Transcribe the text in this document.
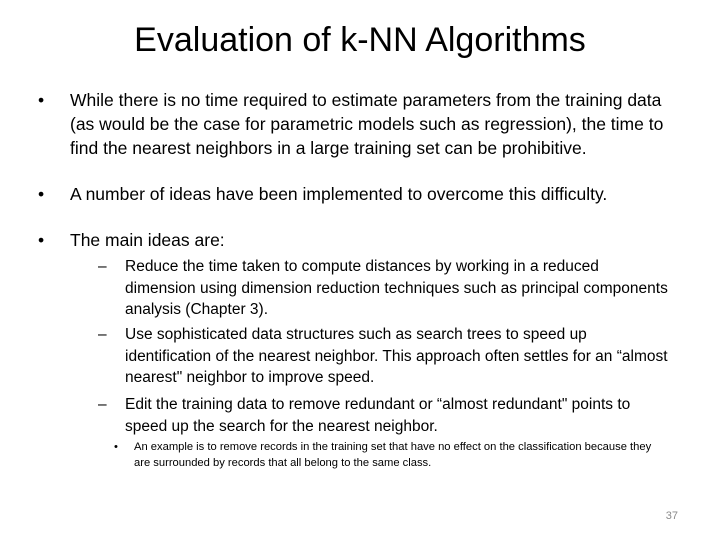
Evaluation of k-NN Algorithms
•	While there is no time required to estimate parameters from the training data (as would be the case for parametric models such as regression), the time to find the nearest neighbors in a large training set can be prohibitive.
•	A number of ideas have been implemented to overcome this difficulty.
•	The main ideas are:
–	Reduce the time taken to compute distances by working in a reduced dimension using dimension reduction techniques such as principal components analysis (Chapter 3).
–	Use sophisticated data structures such as search trees to speed up identification of the nearest neighbor. This approach often settles for an “almost nearest" neighbor to improve speed.
–	Edit the training data to remove redundant or “almost redundant" points to speed up the search for the nearest neighbor.
•	An example is to remove records in the training set that have no effect on the classification because they are surrounded by records that all belong to the same class.
37
